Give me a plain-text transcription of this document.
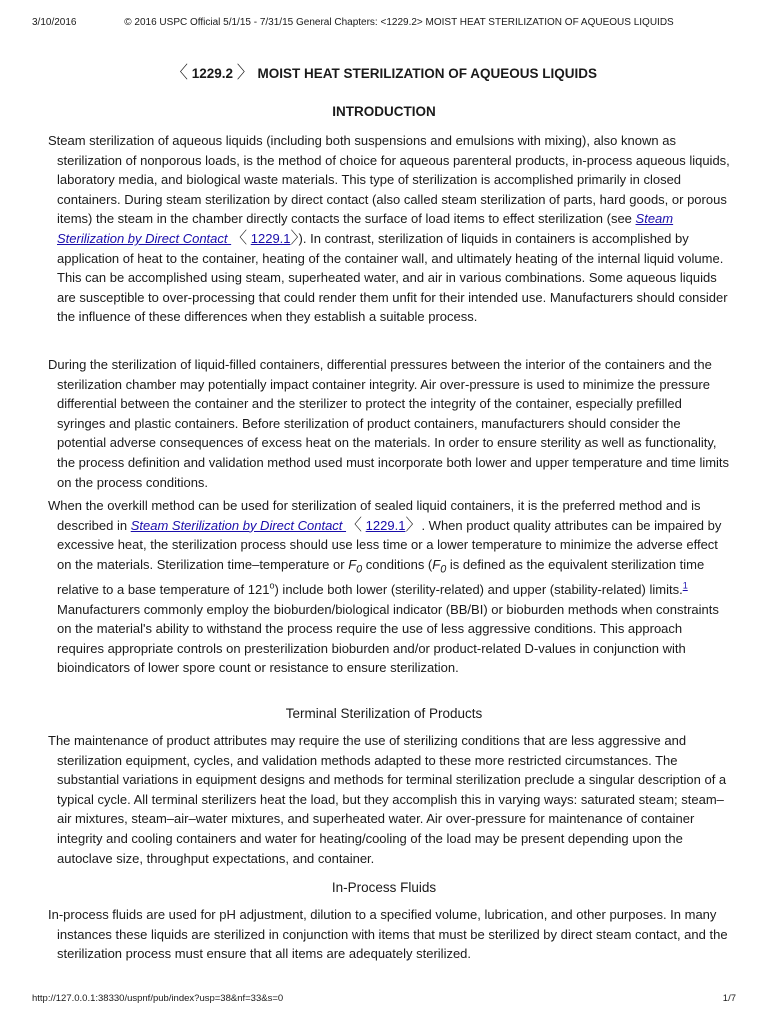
3/10/2016	© 2016 USPC Official 5/1/15 - 7/31/15 General Chapters: <1229.2> MOIST HEAT STERILIZATION OF AQUEOUS LIQUIDS
〈 1229.2 〉 MOIST HEAT STERILIZATION OF AQUEOUS LIQUIDS
INTRODUCTION

Steam sterilization of aqueous liquids (including both suspensions and emulsions with mixing), also known as sterilization of nonporous loads, is the method of choice for aqueous parenteral products, in-process aqueous liquids, laboratory media, and biological waste materials. This type of sterilization is accomplished primarily in closed containers. During steam sterilization by direct contact (also called steam sterilization of parts, hard goods, or porous items) the steam in the chamber directly contacts the surface of load items to effect sterilization (see Steam Sterilization by Direct Contact 〈 1229.1〉). In contrast, sterilization of liquids in containers is accomplished by application of heat to the container, heating of the container wall, and ultimately heating of the internal liquid volume. This can be accomplished using steam, superheated water, and air in various combinations. Some aqueous liquids are susceptible to over-processing that could render them unfit for their intended use. Manufacturers should consider the influence of these differences when they establish a suitable process.

During the sterilization of liquid-filled containers, differential pressures between the interior of the containers and the sterilization chamber may potentially impact container integrity. Air over-pressure is used to minimize the pressure differential between the container and the sterilizer to protect the integrity of the container, especially prefilled syringes and plastic containers. Before sterilization of product containers, manufacturers should consider the potential adverse consequences of excess heat on the materials. In order to ensure sterility as well as functionality, the process definition and validation method used must incorporate both lower and upper temperature and time limits on the process conditions.

When the overkill method can be used for sterilization of sealed liquid containers, it is the preferred method and is described in Steam Sterilization by Direct Contact 〈 1229.1〉. When product quality attributes can be impaired by excessive heat, the sterilization process should use less time or a lower temperature to minimize the adverse effect on the materials. Sterilization time–temperature or $F_0$ conditions ($F_0$ is defined as the equivalent sterilization time relative to a base temperature of 121$^o$) include both lower (sterility-related) and upper (stability-related) limits.$^1$ Manufacturers commonly employ the bioburden/biological indicator (BB/BI) or bioburden methods when constraints on the material's ability to withstand the process require the use of less aggressive conditions. This approach requires appropriate controls on presterilization bioburden and/or product-related D-values in conjunction with bioindicators of lower spore count or resistance to ensure sterilization.

Terminal Sterilization of Products

The maintenance of product attributes may require the use of sterilizing conditions that are less aggressive and sterilization equipment, cycles, and validation methods adapted to these more restricted circumstances. The substantial variations in equipment designs and methods for terminal sterilization preclude a singular description of a typical cycle. All terminal sterilizers heat the load, but they accomplish this in varying ways: saturated steam; steam–air mixtures, steam–air–water mixtures, and superheated water. Air over-pressure for maintenance of container integrity and cooling containers and water for heating/cooling of the load may be present depending upon the autoclave size, throughput expectations, and container.

In-Process Fluids

In-process fluids are used for pH adjustment, dilution to a specified volume, lubrication, and other purposes. In many instances these liquids are sterilized in conjunction with items that must be sterilized by direct steam contact, and the sterilization process must ensure that all items are adequately sterilized.

http://127.0.0.1:38330/uspnf/pub/index?usp=38&nf=33&s=0	1/7
